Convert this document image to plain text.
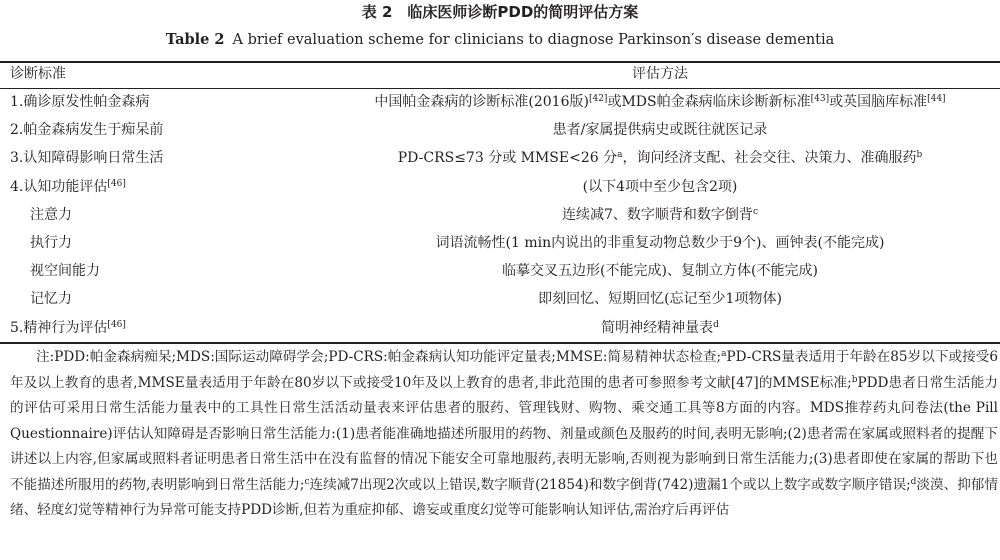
表 2　临床医师诊断PDD的简明评估方案
Table 2 A brief evaluation scheme for clinicians to diagnose Parkinson′s disease dementia
诊断标准	评估方法
1.确诊原发性帕金森病	中国帕金森病的诊断标准(2016版)[42]或MDS帕金森病临床诊断新标准[43]或英国脑库标准[44]
2.帕金森病发生于痴呆前	患者/家属提供病史或既往就医记录
3.认知障碍影响日常生活	PD-CRS≤73 分或 MMSE<26 分$^a$，询问经济支配、社会交往、决策力、准确服药$^b$
4.认知功能评估[46]	(以下4项中至少包含2项)
注意力	连续减7、数字顺背和数字倒背$^c$
执行力	词语流畅性(1 min内说出的非重复动物总数少于9个)、画钟表(不能完成)
视空间能力	临摹交叉五边形(不能完成)、复制立方体(不能完成)
记忆力	即刻回忆、短期回忆(忘记至少1项物体)
5.精神行为评估[46]	简明神经精神量表$^d$
注:PDD:帕金森病痴呆;MDS:国际运动障碍学会;PD-CRS:帕金森病认知功能评定量表;MMSE:简易精神状态检查;$^a$PD-CRS量表适用于年龄在85岁以下或接受6年及以上教育的患者,MMSE量表适用于年龄在80岁以下或接受10年及以上教育的患者,非此范围的患者可参照参考文献[47]的MMSE标准;$^b$PDD患者日常生活能力的评估可采用日常生活能力量表中的工具性日常生活活动量表来评估患者的服药、管理钱财、购物、乘交通工具等8方面的内容。MDS推荐药丸问卷法(the Pill Questionnaire)评估认知障碍是否影响日常生活能力:(1)患者能准确地描述所服用的药物、剂量或颜色及服药的时间,表明无影响;(2)患者需在家属或照料者的提醒下讲述以上内容,但家属或照料者证明患者日常生活中在没有监督的情况下能安全可靠地服药,表明无影响,否则视为影响到日常生活能力;(3)患者即使在家属的帮助下也不能描述所服用的药物,表明影响到日常生活能力;$^c$连续减7出现2次或以上错误,数字顺背(21854)和数字倒背(742)遗漏1个或以上数字或数字顺序错误;$^d$淡漠、抑郁情绪、轻度幻觉等精神行为异常可能支持PDD诊断,但若为重症抑郁、谵妄或重度幻觉等可能影响认知评估,需治疗后再评估
